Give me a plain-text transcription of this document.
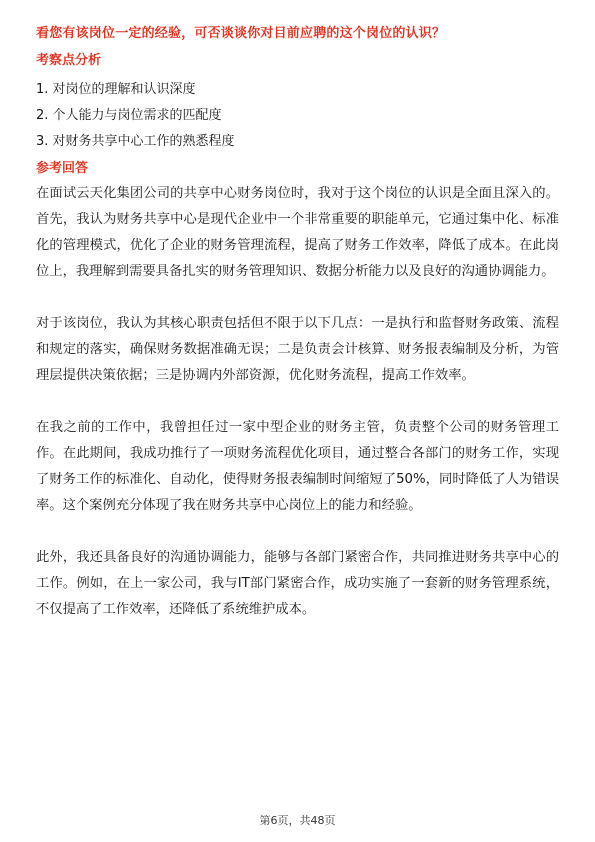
看您有该岗位一定的经验，可否谈谈你对目前应聘的这个岗位的认识？
考察点分析
1. 对岗位的理解和认识深度
2. 个人能力与岗位需求的匹配度
3. 对财务共享中心工作的熟悉程度
参考回答

在面试云天化集团公司的共享中心财务岗位时，我对于这个岗位的认识是全面且深入的。首先，我认为财务共享中心是现代企业中一个非常重要的职能单元，它通过集中化、标准化的管理模式，优化了企业的财务管理流程，提高了财务工作效率，降低了成本。在此岗位上，我理解到需要具备扎实的财务管理知识、数据分析能力以及良好的沟通协调能力。

对于该岗位，我认为其核心职责包括但不限于以下几点：一是执行和监督财务政策、流程和规定的落实，确保财务数据准确无误；二是负责会计核算、财务报表编制及分析，为管理层提供决策依据；三是协调内外部资源，优化财务流程，提高工作效率。

在我之前的工作中，我曾担任过一家中型企业的财务主管，负责整个公司的财务管理工作。在此期间，我成功推行了一项财务流程优化项目，通过整合各部门的财务工作，实现了财务工作的标准化、自动化，使得财务报表编制时间缩短了50%，同时降低了人为错误率。这个案例充分体现了我在财务共享中心岗位上的能力和经验。

此外，我还具备良好的沟通协调能力，能够与各部门紧密合作，共同推进财务共享中心的工作。例如，在上一家公司，我与IT部门紧密合作，成功实施了一套新的财务管理系统，不仅提高了工作效率，还降低了系统维护成本。

第6页，共48页
